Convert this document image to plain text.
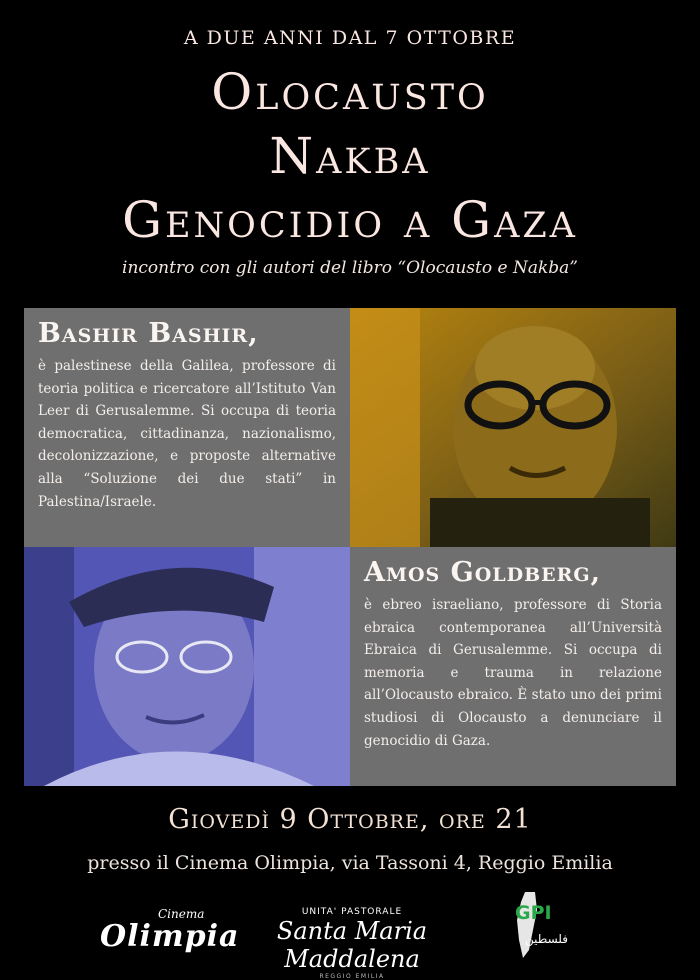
A DUE ANNI DAL 7 OTTOBRE
Olocausto
Nakba
Genocidio a Gaza
incontro con gli autori del libro “Olocausto e Nakba”
Bashir Bashir,
è palestinese della Galilea, professore di teoria politica e ricercatore all’Istituto Van Leer di Gerusalemme. Si occupa di teoria democratica, cittadinanza, nazionalismo, decolonizzazione, e proposte alternative alla “Soluzione dei due stati” in Palestina/Israele.
Amos Goldberg,
è ebreo israeliano, professore di Storia ebraica contemporanea all’Università Ebraica di Gerusalemme. Si occupa di memoria e trauma in relazione all’Olocausto ebraico. È stato uno dei primi studiosi di Olocausto a denunciare il genocidio di Gaza.
Giovedì 9 Ottobre, ore 21
presso il Cinema Olimpia, via Tassoni 4, Reggio Emilia
Cinema
Olimpia
UNITA' PASTORALE
Santa Maria Maddalena
REGGIO EMILIA
GPI
فلسطين
